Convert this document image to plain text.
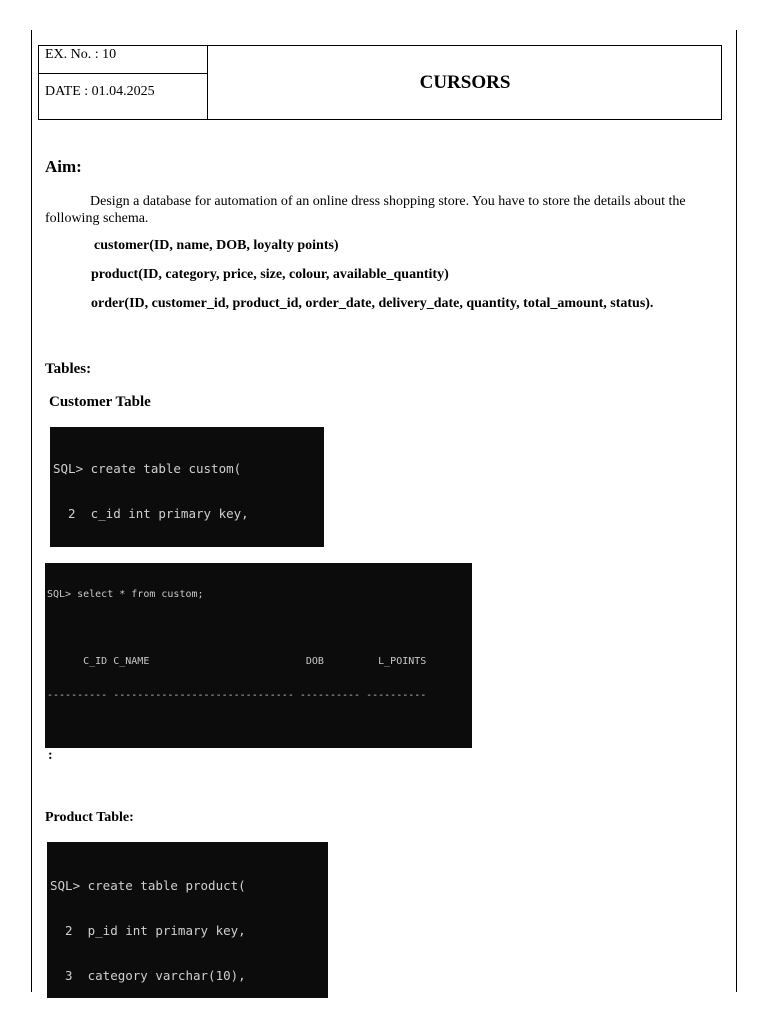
EX. No. : 10
DATE : 01.04.2025	CURSORS
Aim:
Design a database for automation of an online dress shopping store. You have to store the details about the following schema.
customer(ID, name, DOB, loyalty points)
product(ID, category, price, size, colour, available_quantity)
order(ID, customer_id, product_id, order_date, delivery_date, quantity, total_amount, status).
Tables:
Customer Table

SQL> create table custom(

2  c_id int primary key,

SQL> select * from custom;

C_ID C_NAME                          DOB         L_POINTS

---------- ------------------------------ ---------- ----------

:
Product Table:

SQL> create table product(

2  p_id int primary key,

3  category varchar(10),
